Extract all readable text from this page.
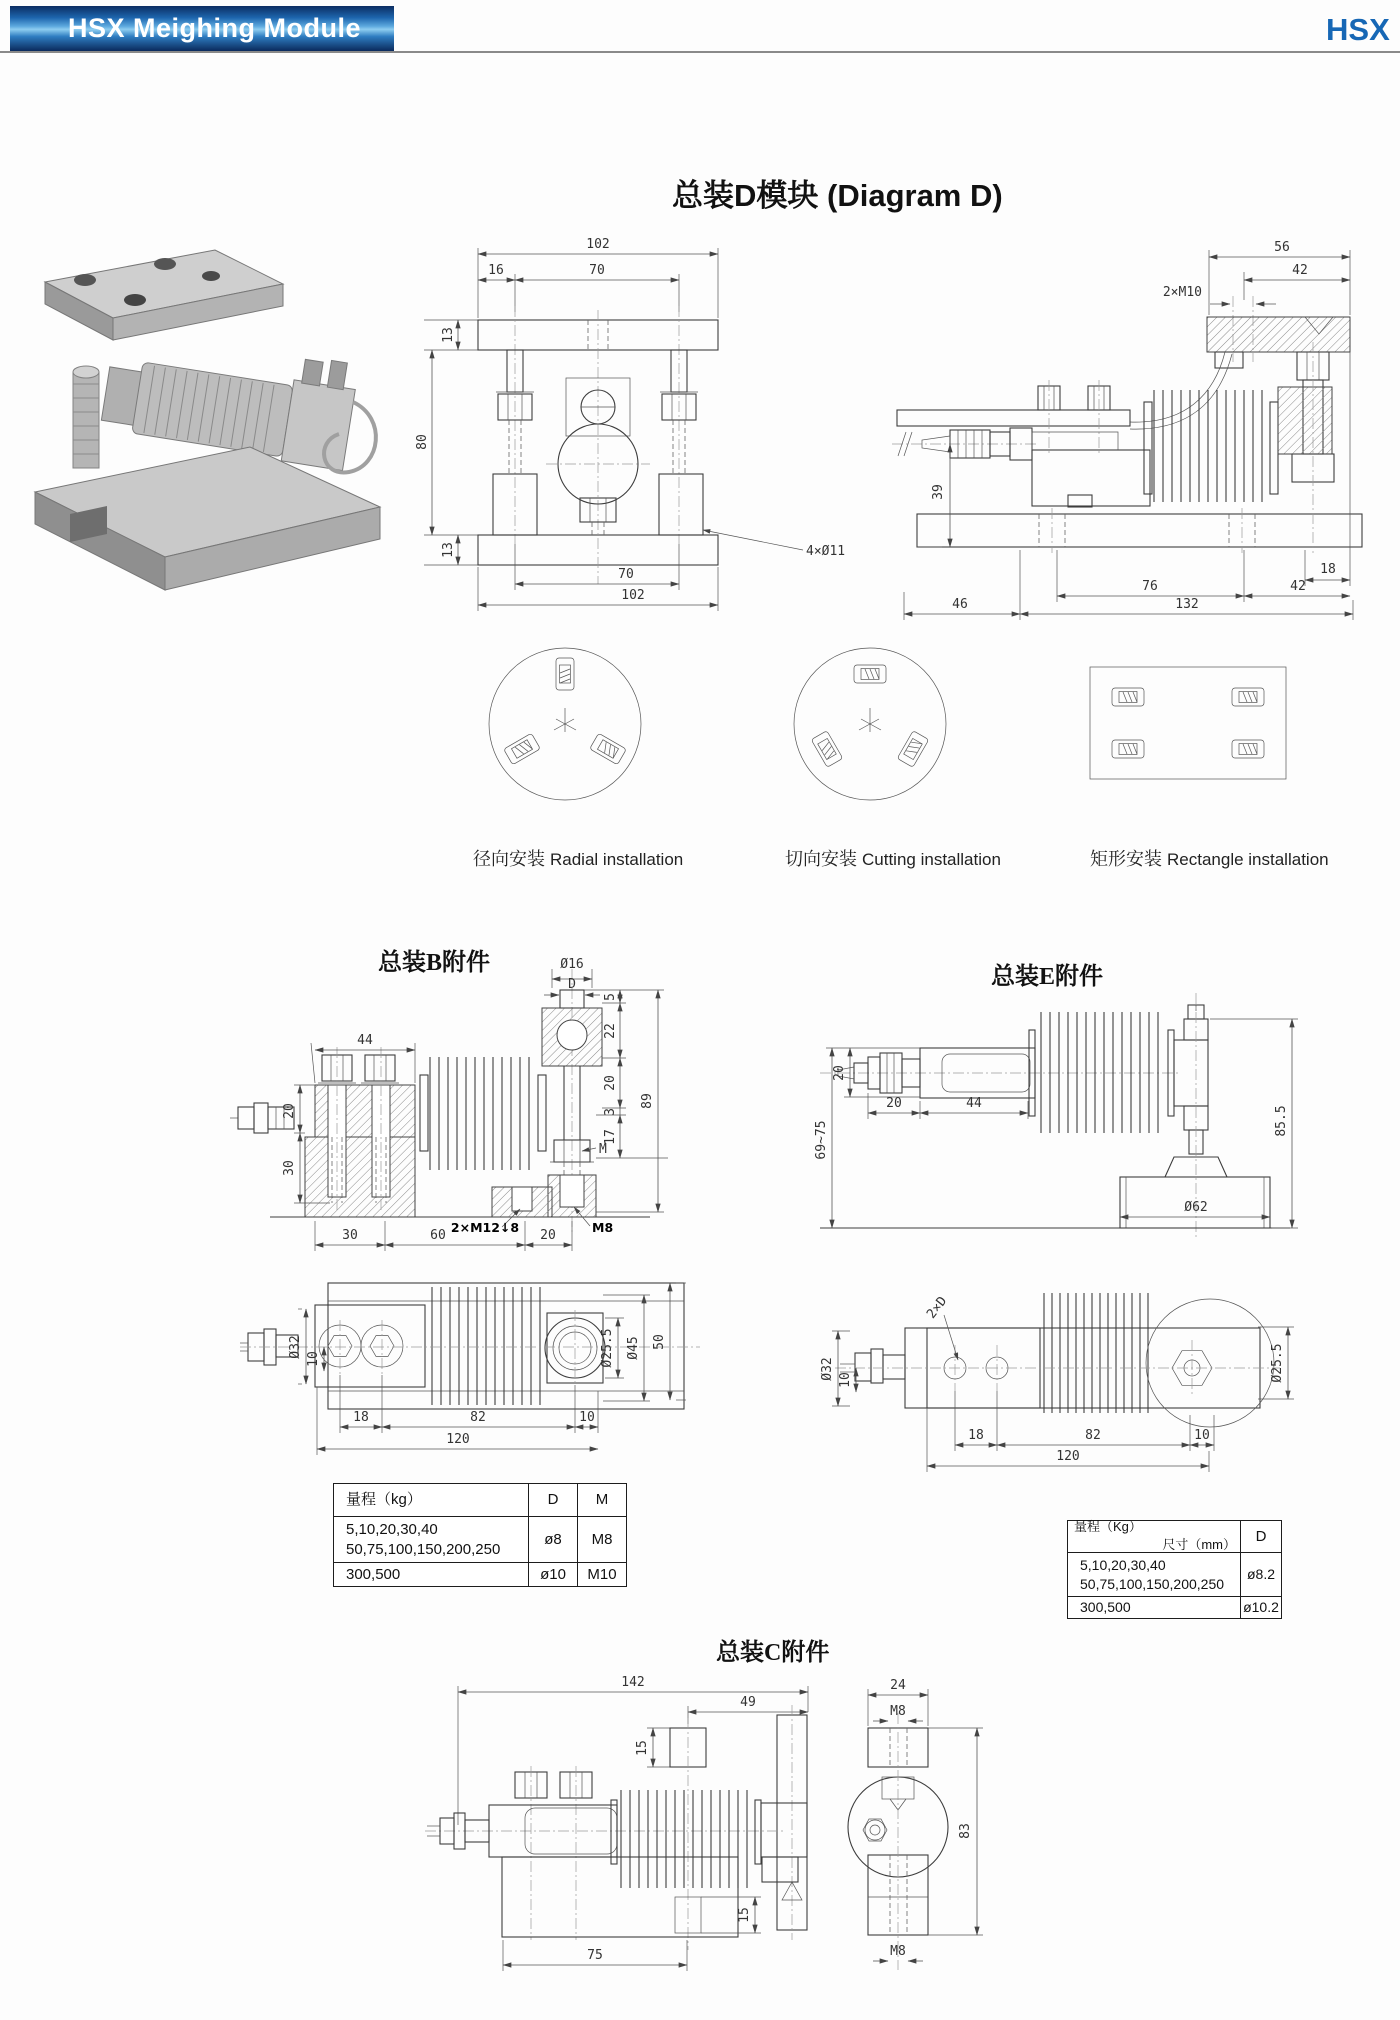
HSX Meighing Module	HSX
总装D模块 (Diagram D)
102
16	70
80
13
13
70
102
4×Ø11
56
42
2×M10
39
18
76	42
132
46
径向安装 Radial installation	切向安装 Cutting installation	矩形安装 Rectangle installation
总装B附件
总装E附件
总装C附件
44
20
30
Ø16
D
5
22
20
3
17
89
M
30	60	20
2×M12↓8	M8
20
69~75
20	44
85.5
Ø62
Ø32
10
18	82	10
120
Ø25.5 Ø45 50
2×D
Ø32 10
18	82	10
120
Ø25.5
量程（kg）	D	M

5,10,20,30,40
50,75,100,150,200,250	ø8	M8
300,500	ø10	M10
尺寸（mm）
量程（Kg）	D

5,10,20,30,40
50,75,100,150,200,250	ø8.2
300,500	ø10.2
142
49
15
15
75
24
M8
83
M8
